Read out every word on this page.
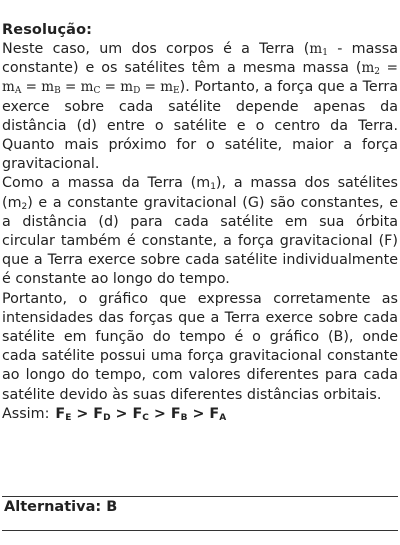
Resolução:

Neste caso, um dos corpos é a Terra ($m_1$ - massa constante) e os satélites têm a mesma massa $(m_2 = m_A = m_B = m_C = m_D = m_E)$. Portanto, a força que a Terra exerce sobre cada satélite depende apenas da distância (d) entre o satélite e o centro da Terra. Quanto mais próximo for o satélite, maior a força gravitacional.

Como a massa da Terra $(m_1)$, a massa dos satélites $(m_2)$ e a constante gravitacional (G) são constantes, e a distância (d) para cada satélite em sua órbita circular também é constante, a força gravitacional (F) que a Terra exerce sobre cada satélite individualmente é constante ao longo do tempo.

Portanto, o gráfico que expressa corretamente as intensidades das forças que a Terra exerce sobre cada satélite em função do tempo é o gráfico (B), onde cada satélite possui uma força gravitacional constante ao longo do tempo, com valores diferentes para cada satélite devido às suas diferentes distâncias orbitais.

Assim: $F_E > F_D > F_C > F_B > F_A$

Alternativa: B
